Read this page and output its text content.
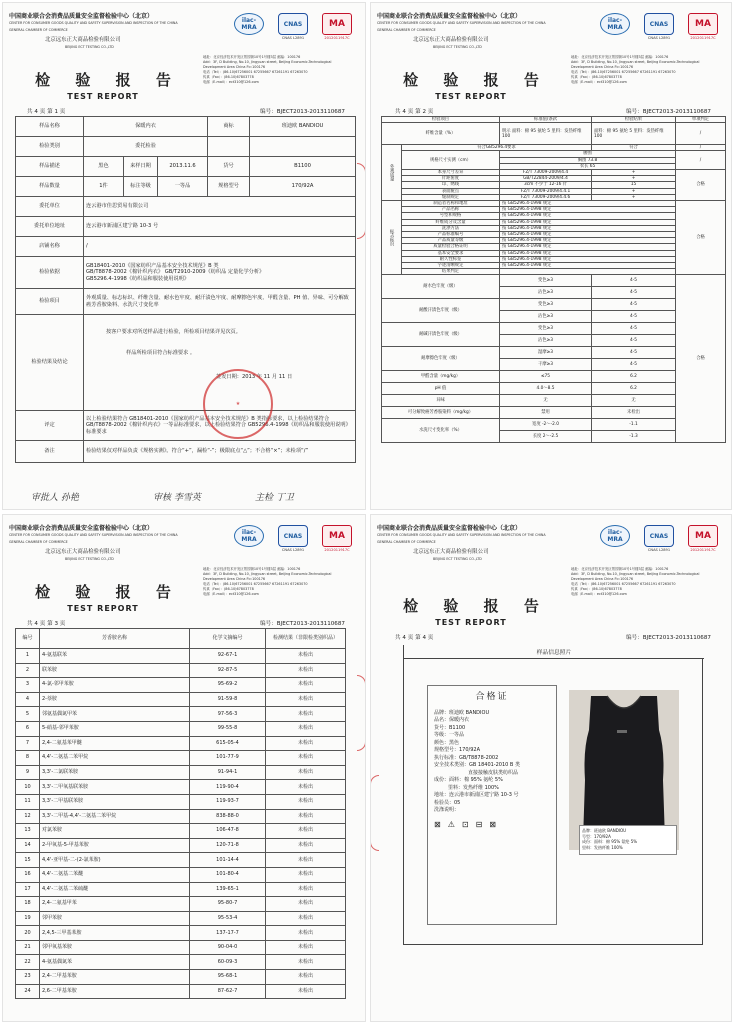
中国商业联合会消费品质量安全监督检验中心（北京）
CENTER FOR CONSUMER GOODS QUALITY AND SAFETY SUPERVISION AND INSPECTION OF THE CHINA
GENERAL CHAMBER OF COMMERCE
北京远东正大商品检验有限公司
BEIJING ECT TESTING CO.,LTD
ilac-MRA	CNAS
CNAS L2891
MA
2012011917C
地址：北京经济技术开发区景园街10号1号楼3层 邮编：100176
Add：3F, D Building, No.10, Jingyuan street, Beijing Economic-Technological
Development Area China P.c:100176
电话（Tel）：(86-10)67256001 67255667 67261191 67263070
传真（Fax）：(86-10)67803778
电邮（E-mail）：ect310@126.com
检 验 报 告
TEST REPORT
共 4 页 第 1 页	编号：BJECT2013-2013110687
样品名称	保暖内衣			商标	班迪欧 BANDIOU
检验类别	委托检验				
样品描述	黑色	来样日期	2013.11.6	货号	B1100
样品数量	1件	标注等级	一等品	规格型号	170/92A
委托单位	连云港市佳思贸易有限公司				
委托单位地址	连云港市新浦区建宁路 10-3 号				
店铺名称	/				
检验依据	GB18401-2010《国家纺织产品基本安全技术规范》B 类
GB/T8878-2002《棉针织内衣》 GB/T2910-2009《纺织品 定量化学分析》
GB5296.4-1998《纺织品和服装使用说明》				

检验项目	外观质量、标志标识、纤维含量、耐水色牢度、耐汗渍色牢度、耐摩擦色牢度、甲醛含量、PH 值、异味、可分解致癌芳香胺染料、水洗尺寸变化率				
检验结果及结论	按客户要求对所送样品进行检验，所检项目结果详见次页。
样品所检项目符合标准要求 。
签发日期：2013 年 11 月 11 日				

评定	以上检验结果符合 GB18401-2010《国家纺织产品基本安全技术规范》B 类指标要求，以上检验结果符合 GB/T8878-2002《棉针织内衣》一等品标准要求，以上检验结果符合 GB5296.4-1998《纺织品和服装使用说明》标准要求				
备注	检验结果仅对样品负责《规格实测》。符合“+”，漏检“-”；极限底点“△”；不合格“×”；未检项“/”				
★
审批人 孙艳	审核 李雪英	主检 丁卫
中国商业联合会消费品质量安全监督检验中心（北京）
CENTER FOR CONSUMER GOODS QUALITY AND SAFETY SUPERVISION AND INSPECTION OF THE CHINA
GENERAL CHAMBER OF COMMERCE
北京远东正大商品检验有限公司
BEIJING ECT TESTING CO.,LTD
ilac-MRA	CNAS
CNAS L2891
MA
2012011917C
地址：北京经济技术开发区景园街10号1号楼3层 邮编：100176
Add：3F, D Building, No.10, Jingyuan street, Beijing Economic-Technological
Development Area China P.c:100176
电话（Tel）：(86-10)67256001 67255667 67261191 67263070
传真（Fax）：(86-10)67803778
电邮（E-mail）：ect310@126.com
检 验 报 告
TEST REPORT
共 4 页 第 2 页	编号：BJECT2013-2013110687
检验项目		标准值/条款	检验结果	单项判定
纤维含量（%）		明示 面料：棉 95 氨纶 5 里料：发热纤维 100	面料：棉 95 氨纶 5 里料：发热纤维 100	/
外观质量	符合GB5296.4要求		符合	/
	规格尺寸实测（cm）	腰围		/
		胸围 73.8		
		衣长 65		
	本身尺寸差异	FZ/T 73009-2009/4.4	+	合格
	针距密度	GB/T22844-2009/4.4	+	
	印、绣线	3cm 不少于 12-16 针	15	
	表面疵点	FZ/T 73009-2009/4.4.1	+	
	缝制规定	FZ/T 73009-2009/4.4.6	+	
标志标识	制造者名称和地址	按 GB5296.4-1998 规定		合格
	产品名称	按 GB5296.4-1998 规定		
	号型和规格	按 GB5296.4-1998 规定		
	纤维成分及含量	按 GB5296.4-1998 规定		
	洗涤方法	按 GB5296.4-1998 规定		
	产品标准编号	按 GB5296.4-1998 规定		
	产品质量等级	按 GB5296.4-1998 规定		
	质量检验合格证明	按 GB5296.4-1998 规定		
	基本安全要求	按 GB5296.4-1998 规定		
	耐久性标签	按 GB5296.4-1998 规定		
	字迹清晰规定	按 GB5296.4-1998 规定		
	结果判定			
耐水色牢度（级）		变色≥3	4-5	合格
		沾色≥3	4-5	
耐酸汗渍色牢度（级）		变色≥3	4-5	
		沾色≥3	4-5	
耐碱汗渍色牢度（级）		变色≥3	4-5	
		沾色≥3	4-5	
耐摩擦色牢度（级）		湿摩≥3	4-5	
		干摩≥3	4-5	
甲醛含量（mg/kg）		≤75	6.2	
pH 值		4.0～8.5	6.2	
异味		无	无	
可分解致癌芳香胺染料（mg/kg）		禁用	未检出	
水洗尺寸变化率（%）		宽度 -2～-2.0	-1.1	
		长度 2～-2.5	-1.3	
中国商业联合会消费品质量安全监督检验中心（北京）
CENTER FOR CONSUMER GOODS QUALITY AND SAFETY SUPERVISION AND INSPECTION OF THE CHINA
GENERAL CHAMBER OF COMMERCE
北京远东正大商品检验有限公司
BEIJING ECT TESTING CO.,LTD
ilac-MRA	CNAS
CNAS L2891
MA
2012011917C
地址：北京经济技术开发区景园街10号1号楼3层 邮编：100176
Add：3F, D Building, No.10, Jingyuan street, Beijing Economic-Technological
Development Area China P.c:100176
电话（Tel）：(86-10)67256001 67255667 67261191 67263070
传真（Fax）：(86-10)67803778
电邮（E-mail）：ect310@126.com
检 验 报 告
TEST REPORT
共 4 页 第 3 页	编号：BJECT2013-2013110687
编号	芳香胺名称	化学文摘编号	检测结果（非限检类别织品）
1	4-氨基联苯	92-67-1	未检出
2	联苯胺	92-87-5	未检出
3	4-氯-邻甲苯胺	95-69-2	未检出
4	2-萘胺	91-59-8	未检出
5	邻氨基偶氮甲苯	97-56-3	未检出
6	5-硝基-邻甲苯胺	99-55-8	未检出
7	2,4-二氨基苯甲醚	615-05-4	未检出
8	4,4'-二氨基二苯甲烷	101-77-9	未检出
9	3,3'-二氯联苯胺	91-94-1	未检出
10	3,3'-二甲氧基联苯胺	119-90-4	未检出
11	3,3'-二甲基联苯胺	119-93-7	未检出
12	3,3'-二甲基-4,4'-二氨基二苯甲烷	838-88-0	未检出
13	对氯苯胺	106-47-8	未检出
14	2-甲氧基-5-甲基苯胺	120-71-8	未检出
15	4,4'-亚甲基-二-(2-氯苯胺)	101-14-4	未检出
16	4,4'-二氨基二苯醚	101-80-4	未检出
17	4,4'-二氨基二苯硫醚	139-65-1	未检出
18	2,4-二氨基甲苯	95-80-7	未检出
19	邻甲苯胺	95-53-4	未检出
20	2,4,5-三甲基苯胺	137-17-7	未检出
21	邻甲氧基苯胺	90-04-0	未检出
22	4-氨基偶氮苯	60-09-3	未检出
23	2,4-二甲基苯胺	95-68-1	未检出
24	2,6-二甲基苯胺	87-62-7	未检出
中国商业联合会消费品质量安全监督检验中心（北京）
CENTER FOR CONSUMER GOODS QUALITY AND SAFETY SUPERVISION AND INSPECTION OF THE CHINA
GENERAL CHAMBER OF COMMERCE
北京远东正大商品检验有限公司
BEIJING ECT TESTING CO.,LTD
ilac-MRA	CNAS
CNAS L2891
MA
2012011917C
地址：北京经济技术开发区景园街10号1号楼3层 邮编：100176
Add：3F, D Building, No.10, Jingyuan street, Beijing Economic-Technological
Development Area China P.c:100176
电话（Tel）：(86-10)67256001 67255667 67261191 67263070
传真（Fax）：(86-10)67803778
电邮（E-mail）：ect310@126.com
检 验 报 告
TEST REPORT
共 4 页 第 4 页	编号：BJECT2013-2013110687
样品信息照片
合格证
品牌：班迪欧 BANDIOU
品名：保暖内衣
货号：B1100
等级：一等品
颜色：黑色
规格型号：170/92A
执行标准：GB/T8878-2002
安全技术类别：GB 18401-2010 B 类
直接接触皮肤类纺织品
成份：面料：棉 95% 氨纶 5%
里料：发热纤维 100%
地址：连云港市新浦区建宁路 10-3 号
检验员：05
洗涤说明：
⊠ ⚠ ⊡ ⊟ ⊠
品牌：班迪欧 BANDIOU
号型：170/92A
成份：面料：棉 95% 氨纶 5%
里料：发热纤维 100%
